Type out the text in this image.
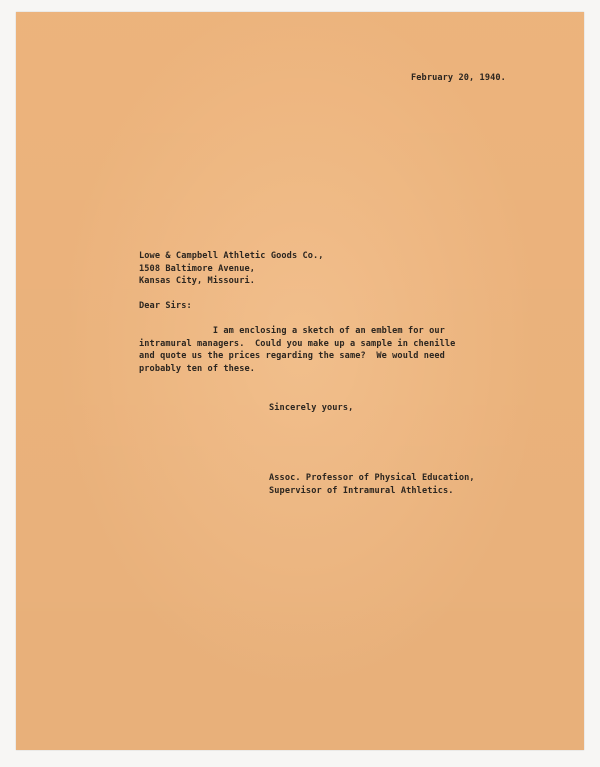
February 20, 1940.
Lowe & Campbell Athletic Goods Co.,
1508 Baltimore Avenue,
Kansas City, Missouri.
Dear Sirs:
I am enclosing a sketch of an emblem for our
intramural managers.  Could you make up a sample in chenille
and quote us the prices regarding the same?  We would need
probably ten of these.
Sincerely yours,
Assoc. Professor of Physical Education,
Supervisor of Intramural Athletics.
